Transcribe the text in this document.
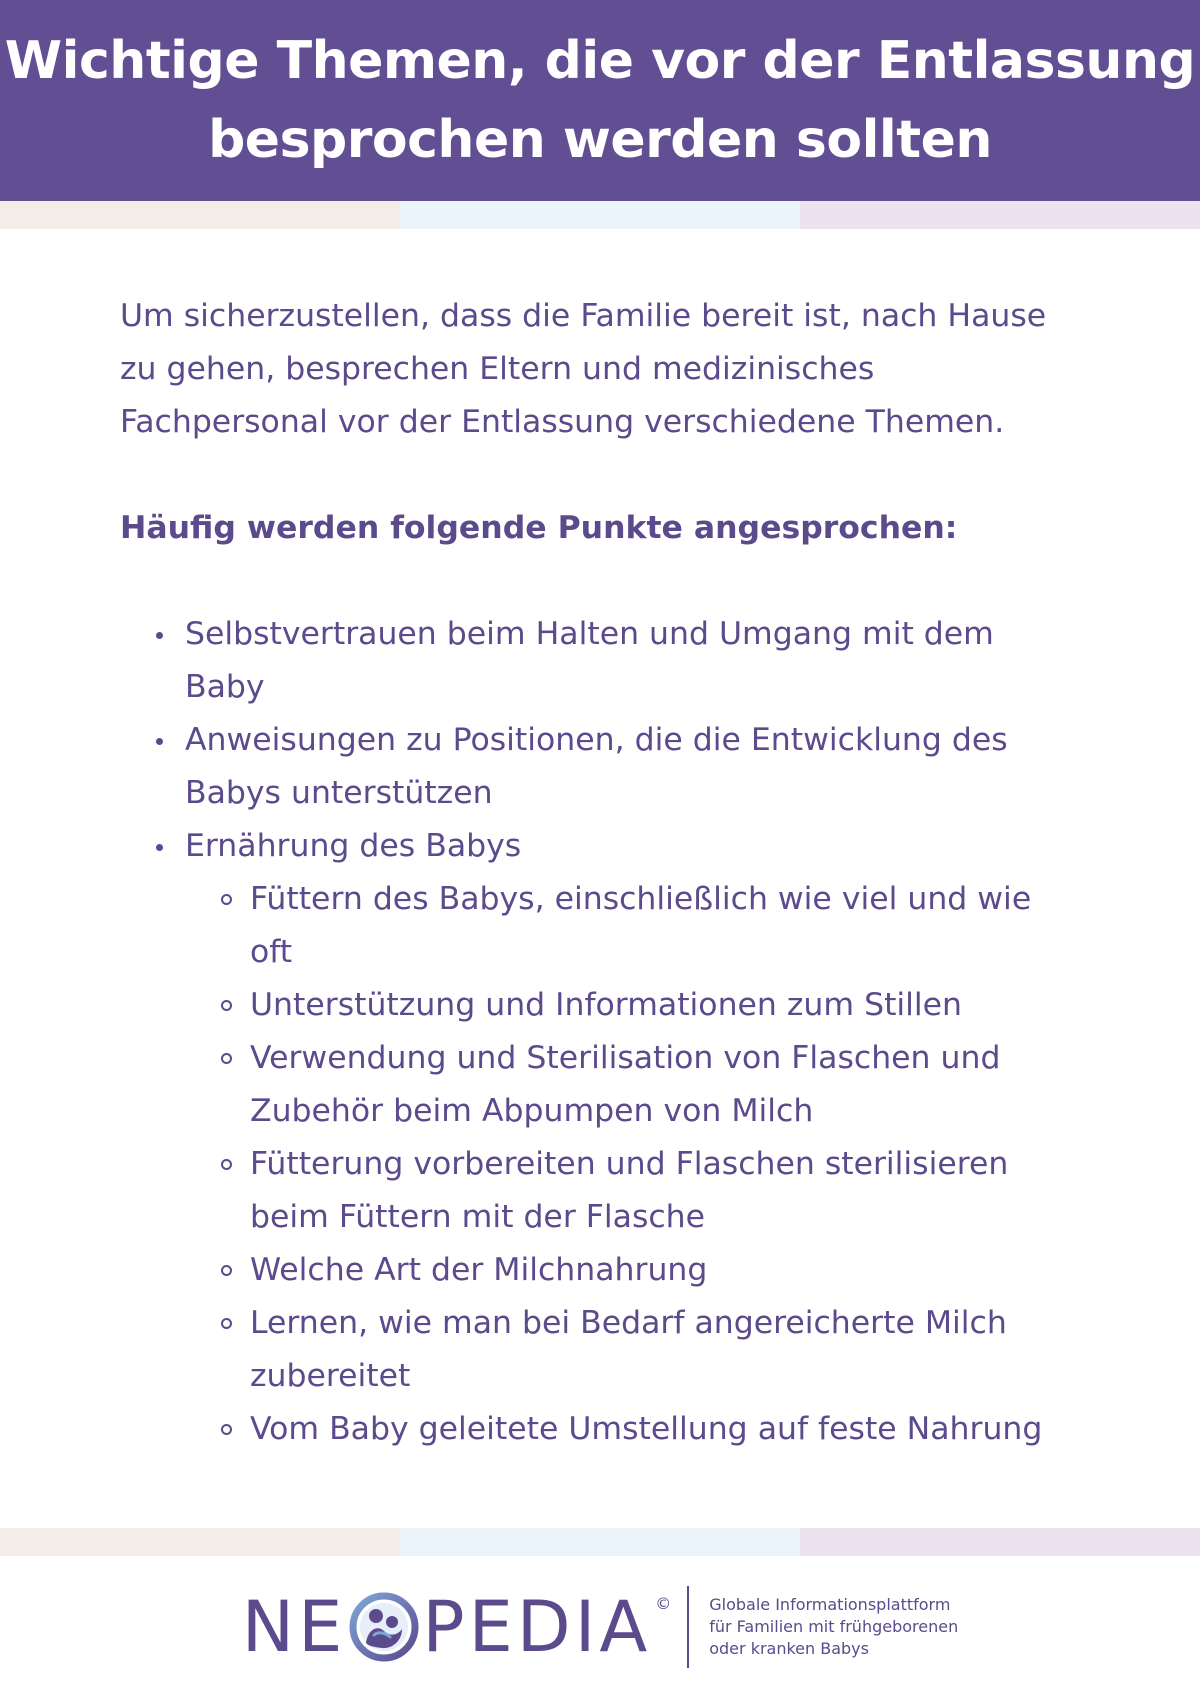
Wichtige Themen, die vor der Entlassung
besprochen werden sollten

Um sicherzustellen, dass die Familie bereit ist, nach Hause zu gehen, besprechen Eltern und medizinisches Fachpersonal vor der Entlassung verschiedene Themen.

Häufig werden folgende Punkte angesprochen:

Selbstvertrauen beim Halten und Umgang mit dem Baby
Anweisungen zu Positionen, die die Entwicklung des Babys unterstützen
Ernährung des Babys
Füttern des Babys, einschließlich wie viel und wie oft
Unterstützung und Informationen zum Stillen
Verwendung und Sterilisation von Flaschen und Zubehör beim Abpumpen von Milch
Fütterung vorbereiten und Flaschen sterilisieren beim Füttern mit der Flasche
Welche Art der Milchnahrung
Lernen, wie man bei Bedarf angereicherte Milch zubereitet
Vom Baby geleitete Umstellung auf feste Nahrung
NE PEDIA © Globale Informationsplattform
für Familien mit frühgeborenen
oder kranken Babys
